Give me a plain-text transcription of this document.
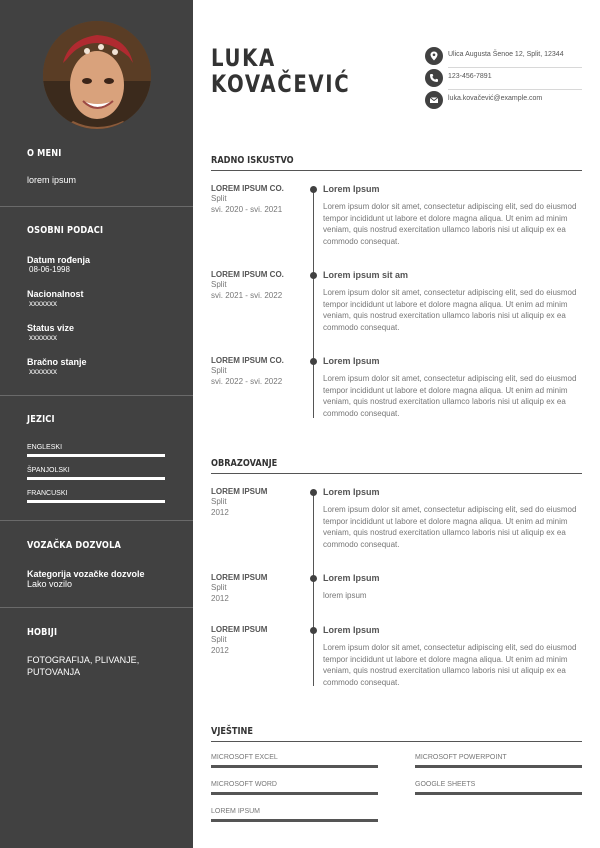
O MENI
lorem ipsum
OSOBNI PODACI
Datum rođenja
08-06-1998
Nacionalnost
xxxxxxx
Status vize
xxxxxxx
Bračno stanje
xxxxxxx
JEZICI
ENGLESKI
ŠPANJOLSKI
FRANCUSKI
VOZAČKA DOZVOLA
Kategorija vozačke dozvole
Lako vozilo
HOBIJI
FOTOGRAFIJA, PLIVANJE, PUTOVANJA
LUKA
KOVAČEVIĆ
Ulica Augusta Šenoe 12, Split, 12344
123-456-7891
luka.kovačević@example.com
RADNO ISKUSTVO
LOREM IPSUM CO.
Split
svi. 2020 - svi. 2021
Lorem Ipsum
Lorem ipsum dolor sit amet, consectetur adipiscing elit, sed do eiusmod tempor incididunt ut labore et dolore magna aliqua. Ut enim ad minim veniam, quis nostrud exercitation ullamco laboris nisi ut aliquip ex ea commodo consequat.
LOREM IPSUM CO.
Split
svi. 2021 - svi. 2022
Lorem ipsum sit am
Lorem ipsum dolor sit amet, consectetur adipiscing elit, sed do eiusmod tempor incididunt ut labore et dolore magna aliqua. Ut enim ad minim veniam, quis nostrud exercitation ullamco laboris nisi ut aliquip ex ea commodo consequat.
LOREM IPSUM CO.
Split
svi. 2022 - svi. 2022
Lorem Ipsum
Lorem ipsum dolor sit amet, consectetur adipiscing elit, sed do eiusmod tempor incididunt ut labore et dolore magna aliqua. Ut enim ad minim veniam, quis nostrud exercitation ullamco laboris nisi ut aliquip ex ea commodo consequat.
OBRAZOVANJE
LOREM IPSUM
Split
2012
Lorem Ipsum
Lorem ipsum dolor sit amet, consectetur adipiscing elit, sed do eiusmod tempor incididunt ut labore et dolore magna aliqua. Ut enim ad minim veniam, quis nostrud exercitation ullamco laboris nisi ut aliquip ex ea commodo consequat.
LOREM IPSUM
Split
2012
Lorem Ipsum
lorem ipsum
LOREM IPSUM
Split
2012
Lorem Ipsum
Lorem ipsum dolor sit amet, consectetur adipiscing elit, sed do eiusmod tempor incididunt ut labore et dolore magna aliqua. Ut enim ad minim veniam, quis nostrud exercitation ullamco laboris nisi ut aliquip ex ea commodo consequat.
VJEŠTINE
MICROSOFT EXCEL	MICROSOFT POWERPOINT
MICROSOFT WORD	GOOGLE SHEETS
LOREM IPSUM
